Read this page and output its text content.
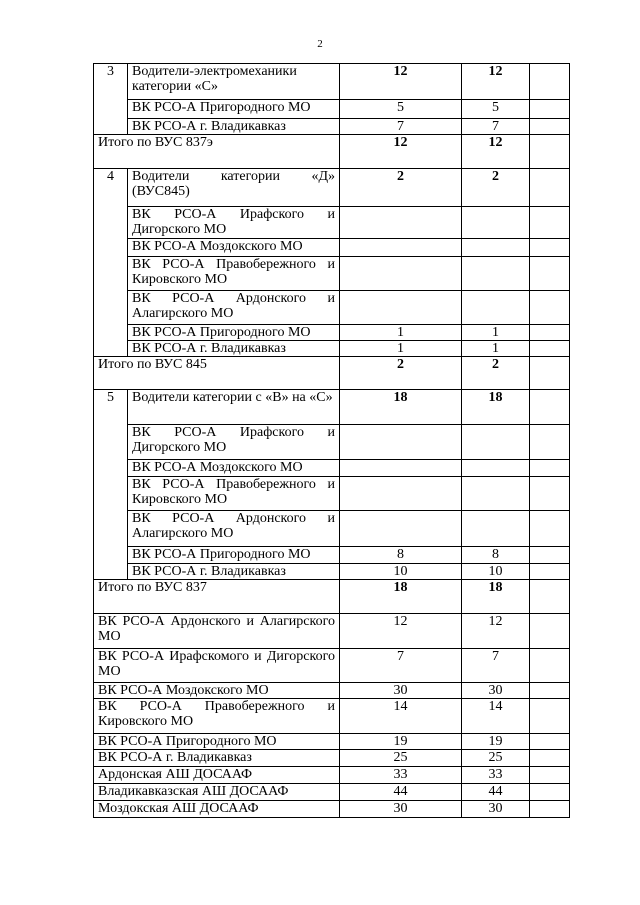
2
3	Водители-электромеханики категории «С»	12	12	
	ВК РСО-А Пригородного МО	5	5	
	ВК РСО-А г. Владикавказ	7	7	
Итого по ВУС 837э		12	12	
4	Водители категории «Д» (ВУС845)	2	2	
	ВК РСО-А Ирафского и Дигорского МО			
	ВК РСО-А Моздокского МО			
	ВК РСО-А Правобережного и Кировского МО			
	ВК РСО-А Ардонского и Алагирского МО			
	ВК РСО-А Пригородного МО	1	1	
	ВК РСО-А г. Владикавказ	1	1	
Итого по ВУС 845		2	2	
5	Водители категории с «В» на «С»	18	18	
	ВК РСО-А Ирафского и Дигорского МО			
	ВК РСО-А Моздокского МО			
	ВК РСО-А Правобережного и Кировского МО			
	ВК РСО-А Ардонского и Алагирского МО			
	ВК РСО-А Пригородного МО	8	8	
	ВК РСО-А г. Владикавказ	10	10	
Итого по ВУС 837		18	18	
ВК РСО-А Ардонского и Алагирского МО		12	12	
ВК РСО-А Ирафскомого и Дигорского МО		7	7	
ВК РСО-А Моздокского МО		30	30	
ВК РСО-А Правобережного и Кировского МО		14	14	
ВК РСО-А Пригородного МО		19	19	
ВК РСО-А г. Владикавказ		25	25	
Ардонская АШ ДОСААФ		33	33	
Владикавказская АШ ДОСААФ		44	44	
Моздокская АШ ДОСААФ		30	30	
